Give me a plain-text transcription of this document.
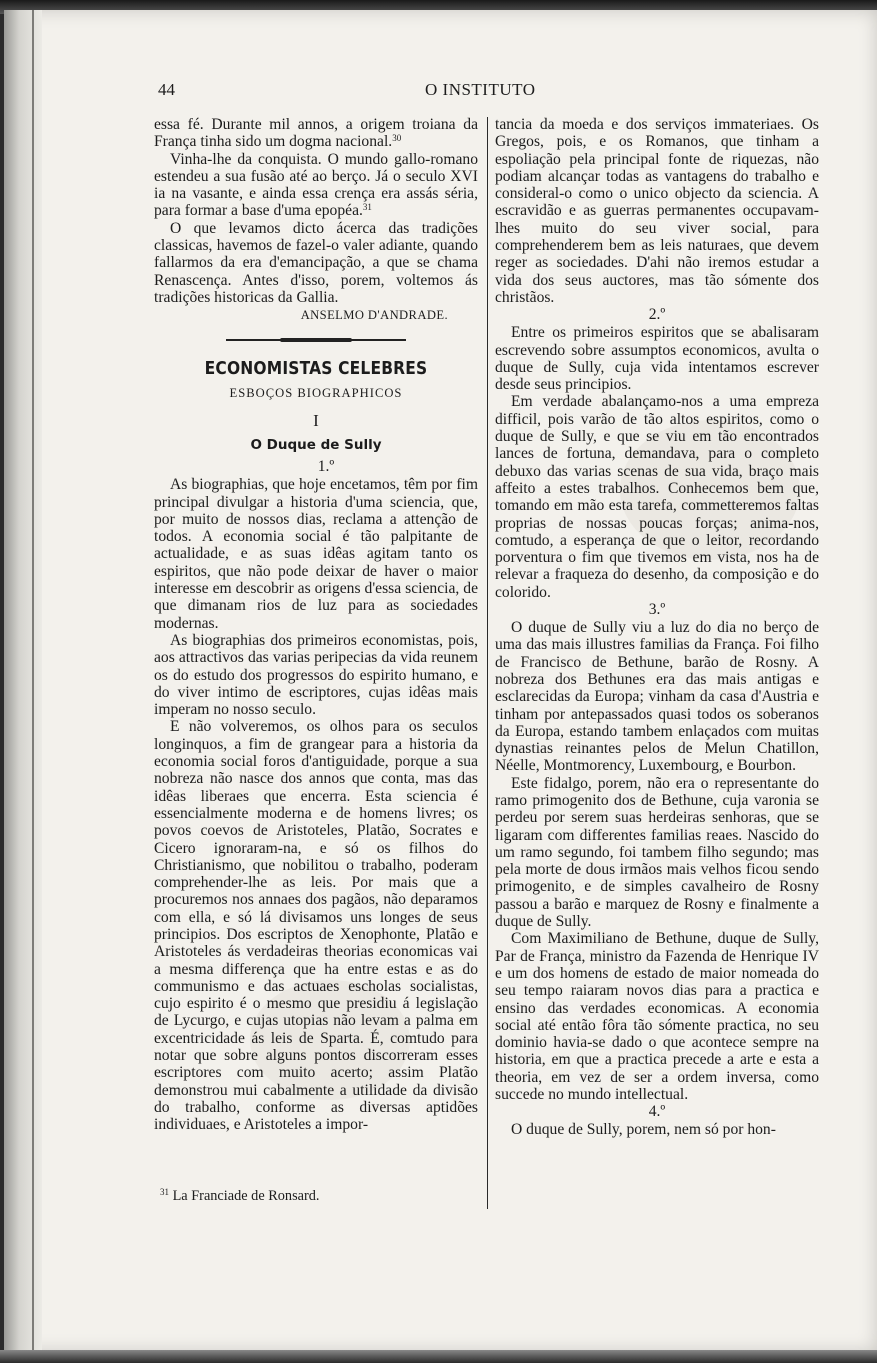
44	O INSTITUTO

essa fé. Durante mil annos, a origem troiana da França tinha sido um dogma nacional.$^{30}$

Vinha-lhe da conquista. O mundo gallo-romano estendeu a sua fusão até ao berço. Já o seculo XVI ia na vasante, e ainda essa crença era assás séria, para formar a base d'uma epopéa.$^{31}$

O que levamos dicto ácerca das tradições classicas, havemos de fazel-o valer adiante, quando fallarmos da era d'emancipação, a que se chama Renascença. Antes d'isso, porem, voltemos ás tradições historicas da Gallia.

ANSELMO D'ANDRADE.
ECONOMISTAS CELEBRES
ESBOÇOS BIOGRAPHICOS
I
O Duque de Sully
1.º

As biographias, que hoje encetamos, têm por fim principal divulgar a historia d'uma sciencia, que, por muito de nossos dias, reclama a attenção de todos. A economia social é tão palpitante de actualidade, e as suas idêas agitam tanto os espiritos, que não pode deixar de haver o maior interesse em descobrir as origens d'essa sciencia, de que dimanam rios de luz para as sociedades modernas.

As biographias dos primeiros economistas, pois, aos attractivos das varias peripecias da vida reunem os do estudo dos progressos do espirito humano, e do viver intimo de escriptores, cujas idêas mais imperam no nosso seculo.

E não volveremos, os olhos para os seculos longinquos, a fim de grangear para a historia da economia social foros d'antiguidade, porque a sua nobreza não nasce dos annos que conta, mas das idêas liberaes que encerra. Esta sciencia é essencialmente moderna e de homens livres; os povos coevos de Aristoteles, Platão, Socrates e Cicero ignoraram-na, e só os filhos do Christianismo, que nobilitou o trabalho, poderam comprehender-lhe as leis. Por mais que a procuremos nos annaes dos pagãos, não deparamos com ella, e só lá divisamos uns longes de seus principios. Dos escriptos de Xenophonte, Platão e Aristoteles ás verdadeiras theorias economicas vai a mesma differença que ha entre estas e as do communismo e das actuaes escholas socialistas, cujo espirito é o mesmo que presidiu á legislação de Lycurgo, e cujas utopias não levam a palma em excentricidade ás leis de Sparta. É, comtudo para notar que sobre alguns pontos discorreram esses escriptores com muito acerto; assim Platão demonstrou mui cabalmente a utilidade da divisão do trabalho, conforme as diversas aptidões individuaes, e Aristoteles a impor-

tancia da moeda e dos serviços immateriaes. Os Gregos, pois, e os Romanos, que tinham a espoliação pela principal fonte de riquezas, não podiam alcançar todas as vantagens do trabalho e consideral-o como o unico objecto da sciencia. A escravidão e as guerras permanentes occupavam-lhes muito do seu viver social, para comprehenderem bem as leis naturaes, que devem reger as sociedades. D'ahi não iremos estudar a vida dos seus auctores, mas tão sómente dos christãos.

2.º

Entre os primeiros espiritos que se abalisaram escrevendo sobre assumptos economicos, avulta o duque de Sully, cuja vida intentamos escrever desde seus principios.

Em verdade abalançamo-nos a uma empreza difficil, pois varão de tão altos espiritos, como o duque de Sully, e que se viu em tão encontrados lances de fortuna, demandava, para o completo debuxo das varias scenas de sua vida, braço mais affeito a estes trabalhos. Conhecemos bem que, tomando em mão esta tarefa, commetteremos faltas proprias de nossas poucas forças; anima-nos, comtudo, a esperança de que o leitor, recordando porventura o fim que tivemos em vista, nos ha de relevar a fraqueza do desenho, da composição e do colorido.

3.º

O duque de Sully viu a luz do dia no berço de uma das mais illustres familias da França. Foi filho de Francisco de Bethune, barão de Rosny. A nobreza dos Bethunes era das mais antigas e esclarecidas da Europa; vinham da casa d'Austria e tinham por antepassados quasi todos os soberanos da Europa, estando tambem enlaçados com muitas dynastias reinantes pelos de Melun Chatillon, Néelle, Montmorency, Luxembourg, e Bourbon.

Este fidalgo, porem, não era o representante do ramo primogenito dos de Bethune, cuja varonia se perdeu por serem suas herdeiras senhoras, que se ligaram com differentes familias reaes. Nascido do um ramo segundo, foi tambem filho segundo; mas pela morte de dous irmãos mais velhos ficou sendo primogenito, e de simples cavalheiro de Rosny passou a barão e marquez de Rosny e finalmente a duque de Sully.

Com Maximiliano de Bethune, duque de Sully, Par de França, ministro da Fazenda de Henrique IV e um dos homens de estado de maior nomeada do seu tempo raiaram novos dias para a practica e ensino das verdades economicas. A economia social até então fôra tão sómente practica, no seu dominio havia-se dado o que acontece sempre na historia, em que a practica precede a arte e esta a theoria, em vez de ser a ordem inversa, como succede no mundo intellectual.

4.º

O duque de Sully, porem, nem só por hon-

$^{31}$ La Franciade de Ronsard.
